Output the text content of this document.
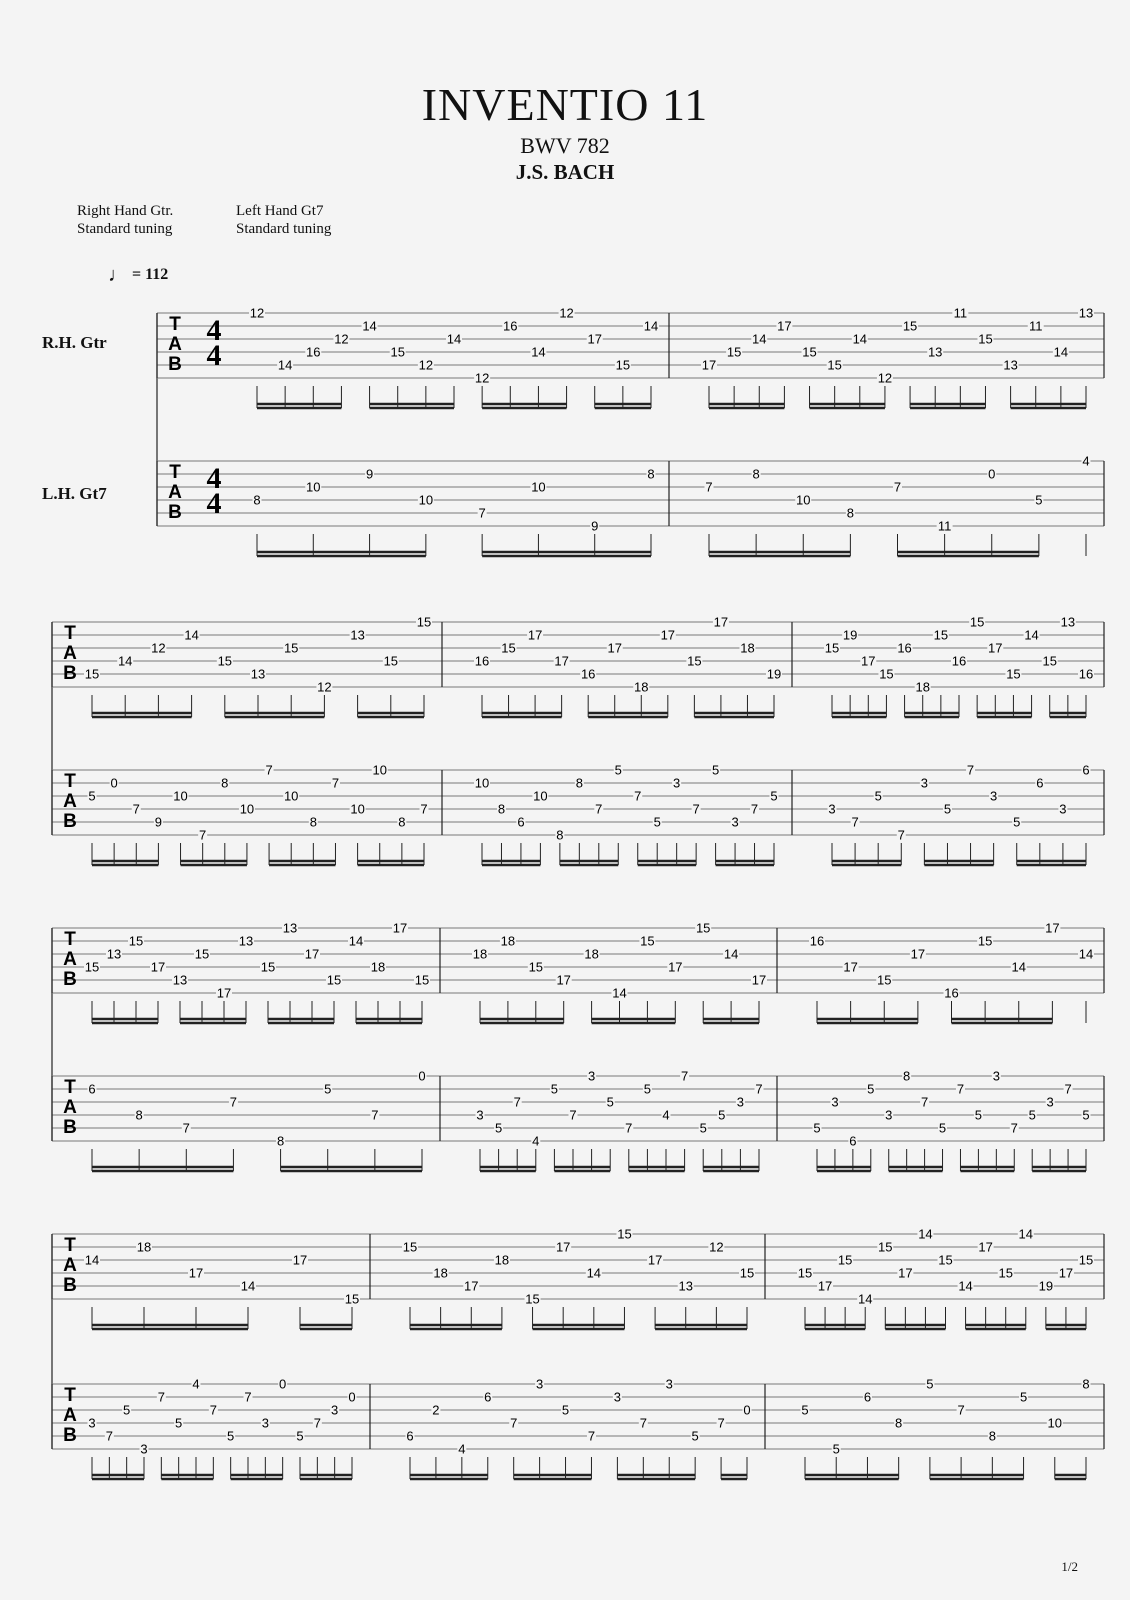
INVENTIO 11
BWV 782
J.S. BACH
Right Hand Gtr.
Standard tuning
Left Hand Gt7
Standard tuning
♩ = 112
R.H. Gtr
L.H. Gt7
T
A
B
T
A
B
4
4
4
4
12
14
16
12
14
15
12
14
12
16
14
12
17
15
14
8
10
9
10
7
10
9
8
17
15
14
17
15
15
14
12
15
13
11
15
13
11
14
13
7
8
10
8
7
11
0
5
4
T
A
B
T
A
B
15
14
12
14
15
13
15
12
13
15
15
5
0
7
9
10
7
8
10
7
10
8
7
10
10
8
7
16
15
17
17
16
17
18
17
15
17
18
19
10
8
6
10
8
8
7
5
7
5
3
7
5
3
7
5
15
19
17
15
16
18
15
16
15
17
15
14
15
13
16
3
7
5
7
3
5
7
3
5
6
3
6
T
A
B
T
A
B
15
13
15
17
13
15
17
13
15
13
17
15
14
18
17
15
6
8
7
7
8
5
7
0
18
18
15
17
18
14
15
17
15
14
17
3
5
7
4
5
7
3
5
7
5
4
7
5
5
3
7
16
17
15
17
16
15
14
17
14
5
3
6
5
3
8
7
5
7
5
3
7
5
3
7
5
T
A
B
T
A
B
14
18
17
14
17
15
3
7
5
3
7
5
4
7
5
7
3
0
5
7
3
0
15
18
17
18
15
17
14
15
17
13
12
15
6
2
4
6
7
3
5
7
3
7
3
5
7
0
15
17
15
14
15
17
14
15
14
17
15
14
19
17
15
5
5
6
8
5
7
8
5
10
8
1/2
